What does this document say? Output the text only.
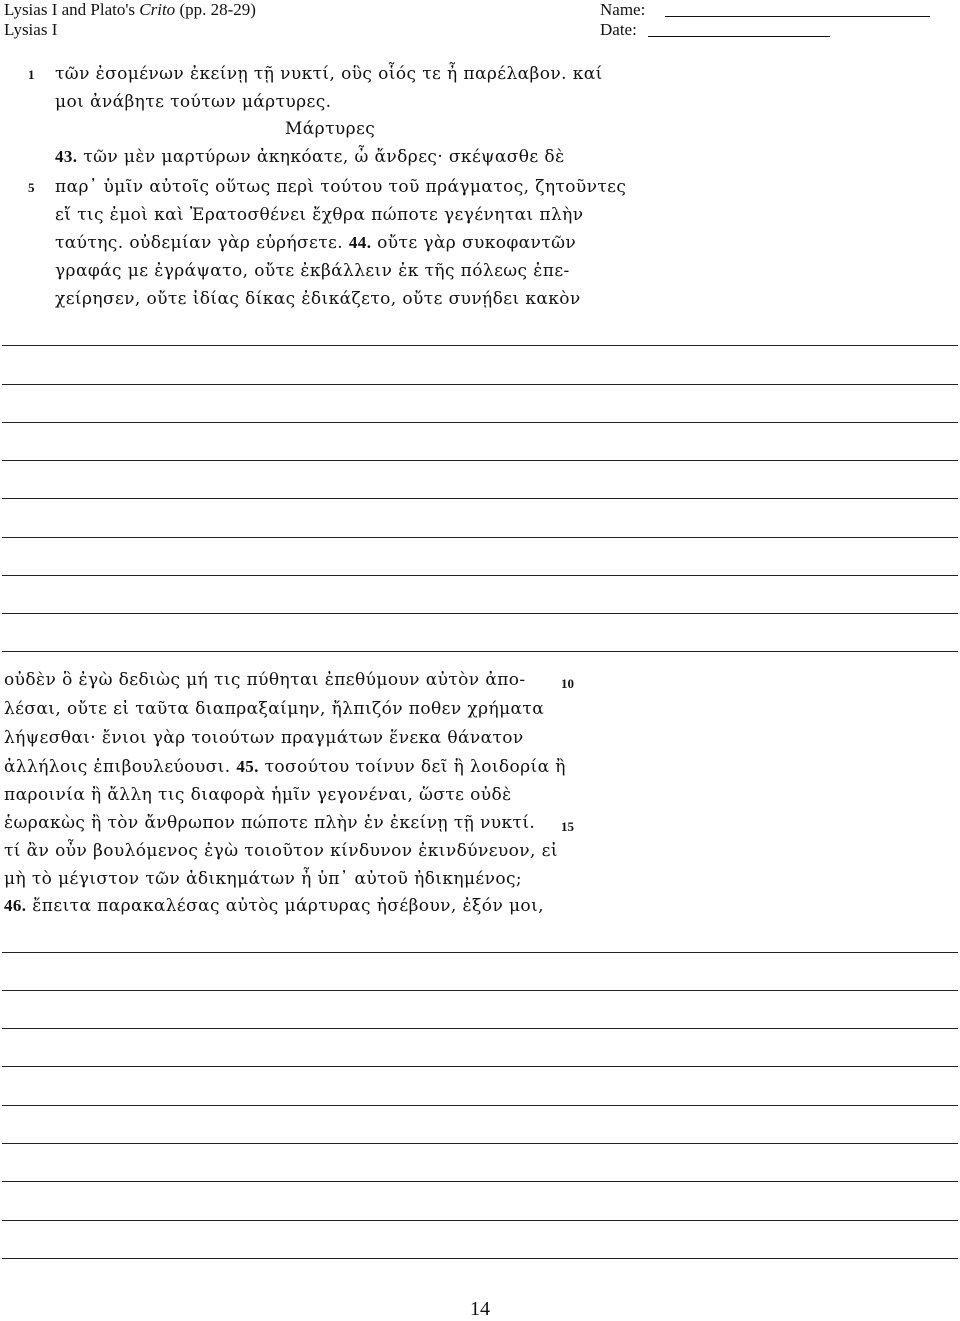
Lysias I and Plato's Crito (pp. 28-29)
Lysias I
Name:
Date:
1 τῶν ἐσομένων ἐκείνῃ τῇ νυκτί, οὓς οἷός τε ἦ παρέλαβον. καί
μοι ἀνάβητε τούτων μάρτυρες.
Μάρτυρες
43. τῶν μὲν μαρτύρων ἀκηκόατε, ὦ ἄνδρες· σκέψασθε δὲ
5 παρ᾽ ὑμῖν αὐτοῖς οὕτως περὶ τούτου τοῦ πράγματος, ζητοῦντες
εἴ τις ἐμοὶ καὶ Ἐρατοσθένει ἔχθρα πώποτε γεγένηται πλὴν
ταύτης. οὐδεμίαν γὰρ εὑρήσετε. 44. οὔτε γὰρ συκοφαντῶν
γραφάς με ἐγράψατο, οὔτε ἐκβάλλειν ἐκ τῆς πόλεως ἐπε-
χείρησεν, οὔτε ἰδίας δίκας ἐδικάζετο, οὔτε συνῄδει κακὸν
οὐδὲν ὃ ἐγὼ δεδιὼς μή τις πύθηται ἐπεθύμουν αὐτὸν ἀπο-	10
λέσαι, οὔτε εἰ ταῦτα διαπραξαίμην, ἤλπιζόν ποθεν χρήματα
λήψεσθαι· ἔνιοι γὰρ τοιούτων πραγμάτων ἕνεκα θάνατον
ἀλλήλοις ἐπιβουλεύουσι. 45. τοσούτου τοίνυν δεῖ ἢ λοιδορία ἢ
παροινία ἢ ἄλλη τις διαφορὰ ἡμῖν γεγονέναι, ὥστε οὐδὲ
ἑωρακὼς ἢ τὸν ἄνθρωπον πώποτε πλὴν ἐν ἐκείνῃ τῇ νυκτί. 15
τί ἂν οὖν βουλόμενος ἐγὼ τοιοῦτον κίνδυνον ἐκινδύνευον, εἰ
μὴ τὸ μέγιστον τῶν ἀδικημάτων ἦ ὑπ᾽ αὐτοῦ ἠδικημένος;
46. ἔπειτα παρακαλέσας αὐτὸς μάρτυρας ἠσέβουν, ἐξόν μοι,
14
